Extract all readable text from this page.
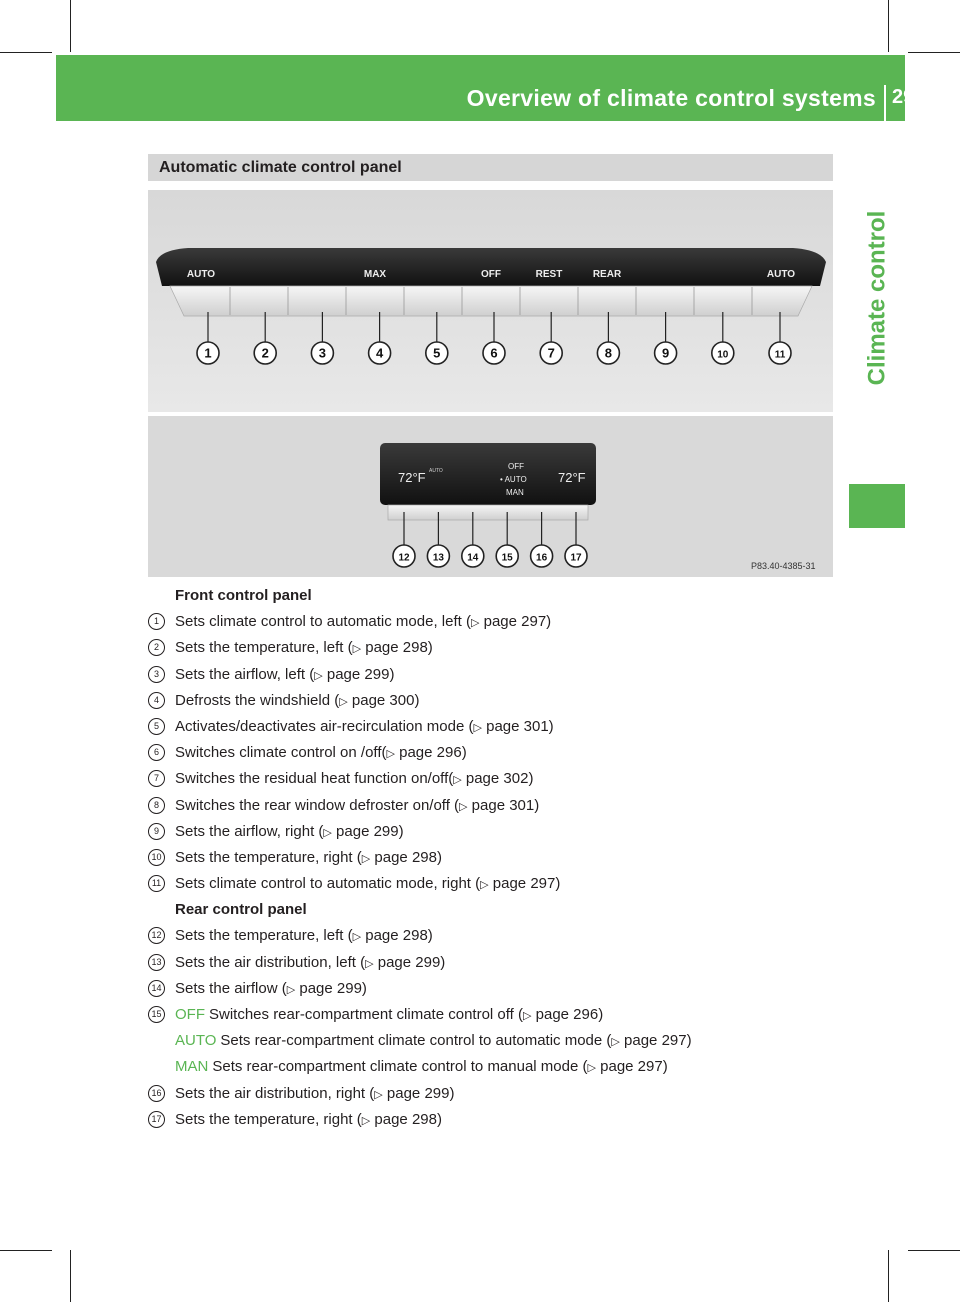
Overview of climate control systems 295
Climate control
Automatic climate control panel
AUTO	MAX	OFF	REST	REAR	AUTO
1	2	3	4	5	6	7	8	9	10	11
72°F	72°F
AUTO	OFF
• AUTO
MAN
12 13 14 15 16 17
P83.40-4385-31
Front control panel
1	Sets climate control to automatic mode, left (▷ page 297)
2	Sets the temperature, left (▷ page 298)
3	Sets the airflow, left (▷ page 299)
4	Defrosts the windshield (▷ page 300)
5	Activates/deactivates air-recirculation mode (▷ page 301)
6	Switches climate control on /off(▷ page 296)
7	Switches the residual heat function on/off(▷ page 302)
8	Switches the rear window defroster on/off (▷ page 301)
9	Sets the airflow, right (▷ page 299)
10 Sets the temperature, right (▷ page 298)
11 Sets climate control to automatic mode, right (▷ page 297)
Rear control panel
12 Sets the temperature, left (▷ page 298)
13 Sets the air distribution, left (▷ page 299)
14 Sets the airflow (▷ page 299)
15 OFF Switches rear-compartment climate control off (▷ page 296)
AUTO Sets rear-compartment climate control to automatic mode (▷ page 297)
MAN Sets rear-compartment climate control to manual mode (▷ page 297)
16 Sets the air distribution, right (▷ page 299)
17 Sets the temperature, right (▷ page 298)
